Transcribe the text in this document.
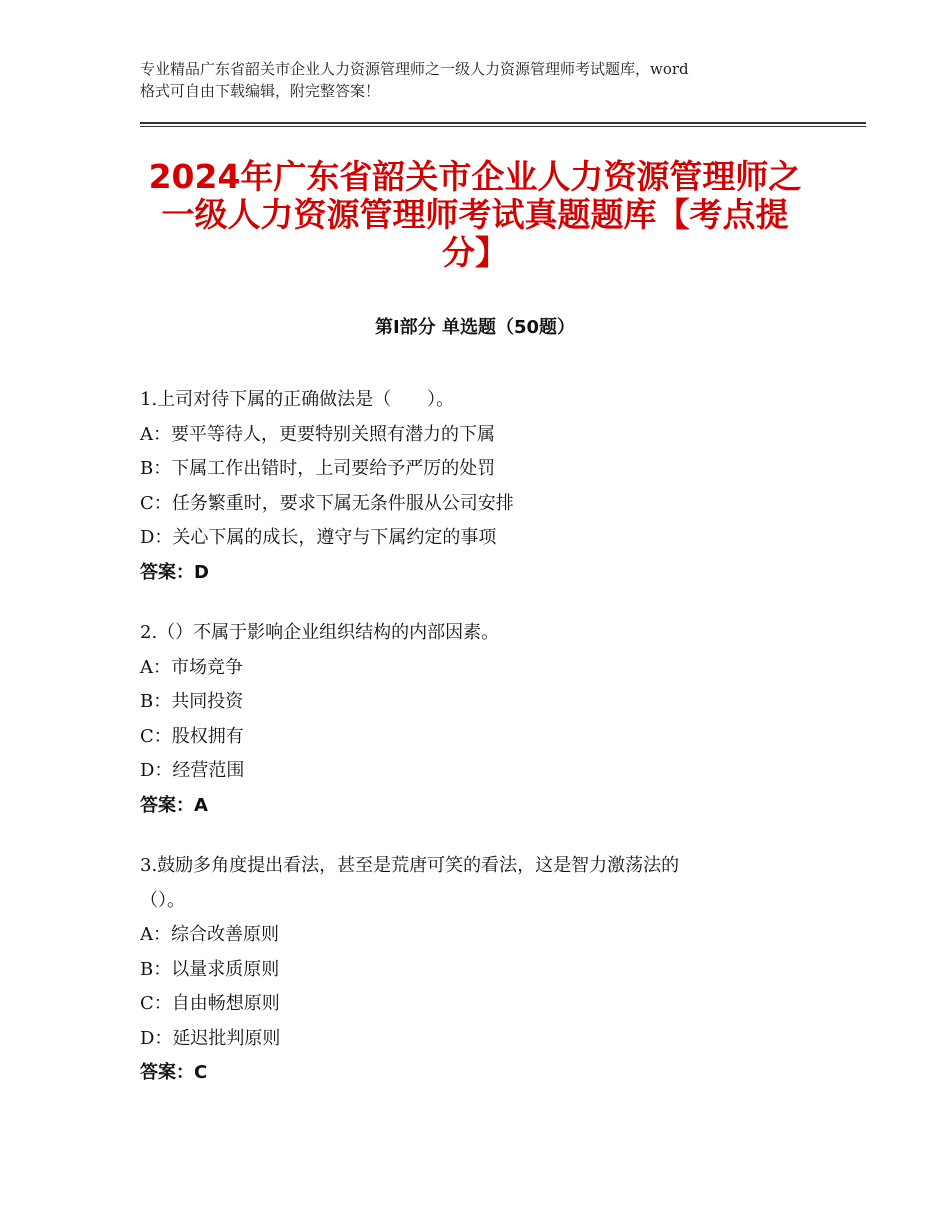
专业精品广东省韶关市企业人力资源管理师之一级人力资源管理师考试题库，word
格式可自由下载编辑，附完整答案！
2024年广东省韶关市企业人力资源管理师之
一级人力资源管理师考试真题题库【考点提
分】
第Ⅰ部分 单选题（50题）
1.上司对待下属的正确做法是（　　）。
A：要平等待人，更要特别关照有潜力的下属
B：下属工作出错时，上司要给予严厉的处罚
C：任务繁重时，要求下属无条件服从公司安排
D：关心下属的成长，遵守与下属约定的事项
答案：D
2.（）不属于影响企业组织结构的内部因素。
A：市场竞争
B：共同投资
C：股权拥有
D：经营范围
答案：A
3.鼓励多角度提出看法，甚至是荒唐可笑的看法，这是智力激荡法的
（）。
A：综合改善原则
B：以量求质原则
C：自由畅想原则
D：延迟批判原则
答案：C
